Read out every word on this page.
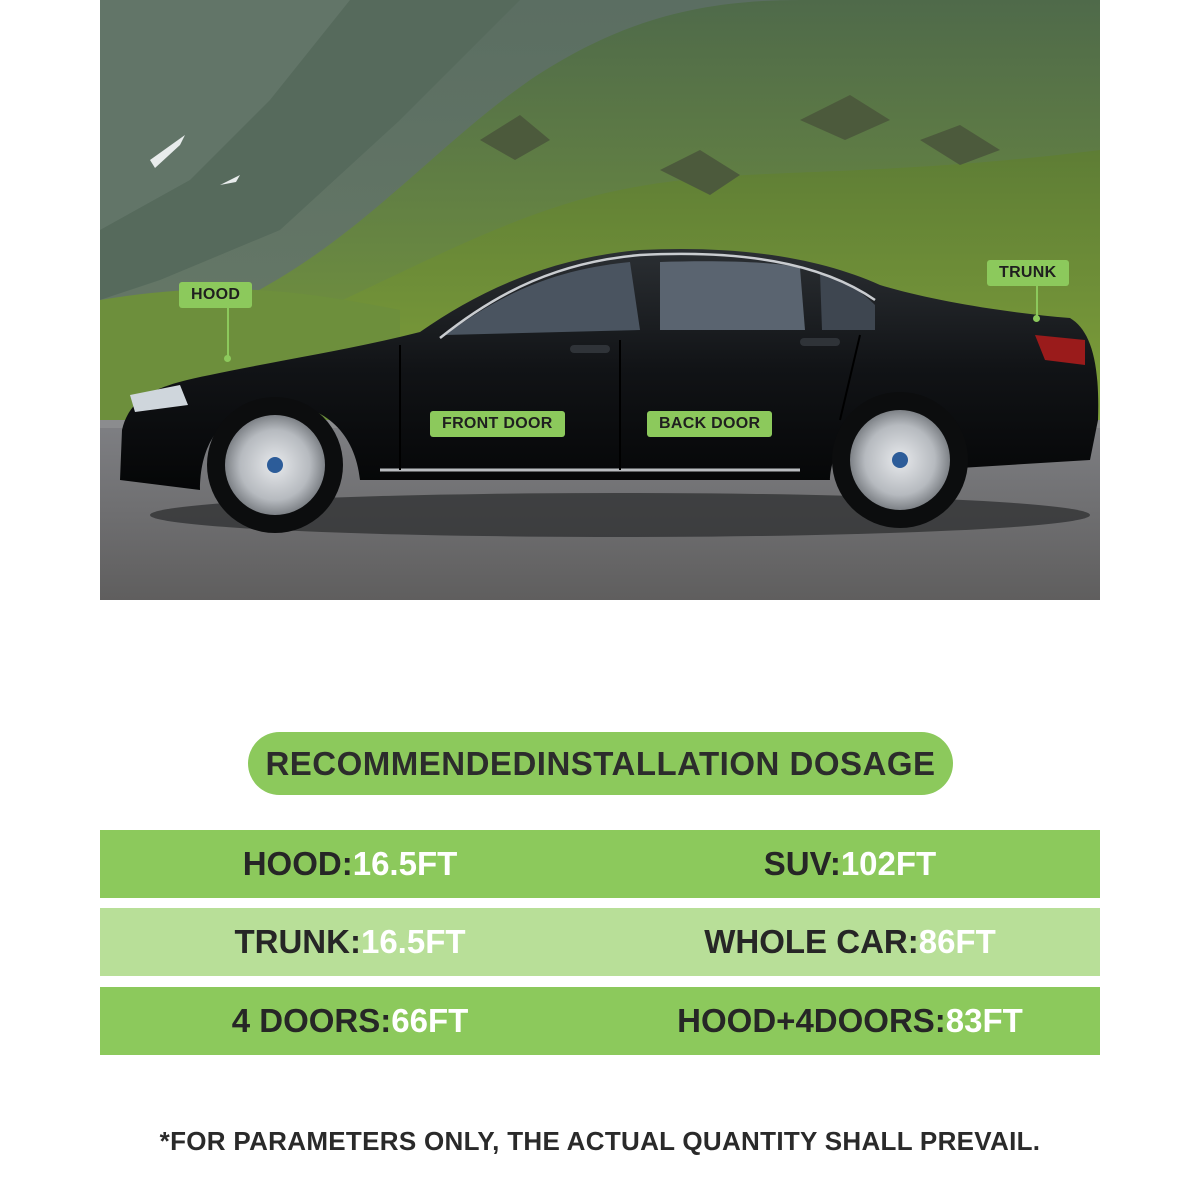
HOOD
TRUNK
FRONT DOOR	BACK DOOR
RECOMMENDEDINSTALLATION DOSAGE
HOOD: 16.5FT	SUV: 102FT
TRUNK: 16.5FT	WHOLE CAR: 86FT
4 DOORS: 66FT	HOOD+4DOORS: 83FT
*FOR PARAMETERS ONLY, THE ACTUAL QUANTITY SHALL PREVAIL.
